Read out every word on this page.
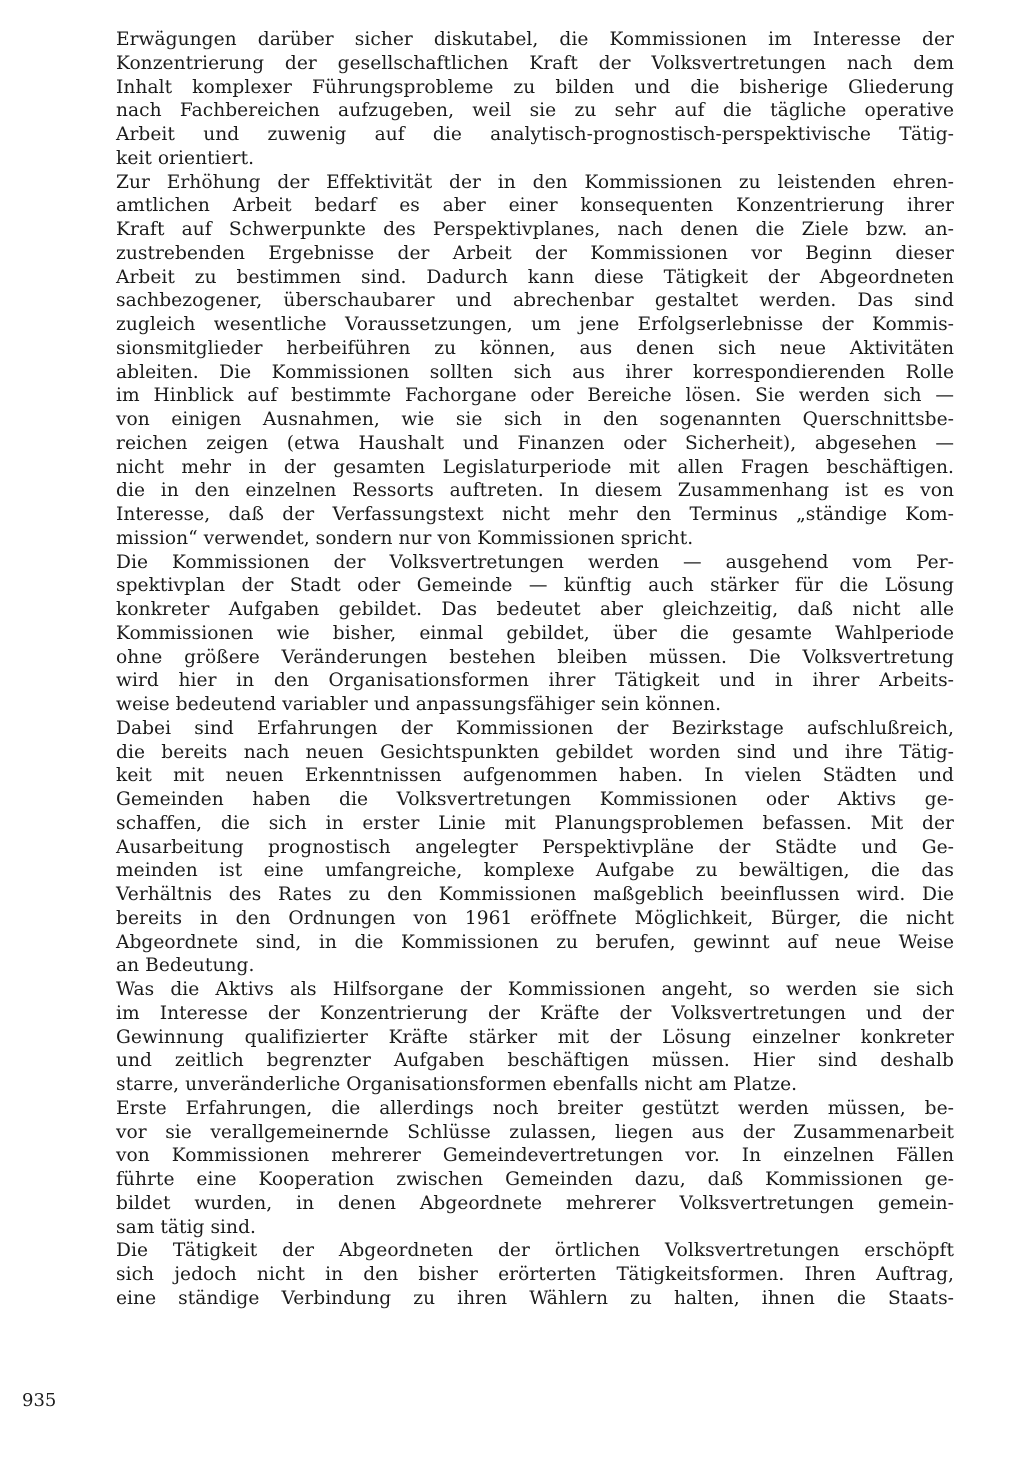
Erwägungen darüber sicher diskutabel, die Kommissionen im Interesse der
Konzentrierung der gesellschaftlichen Kraft der Volksvertretungen nach dem
Inhalt komplexer Führungsprobleme zu bilden und die bisherige Gliederung
nach Fachbereichen aufzugeben, weil sie zu sehr auf die tägliche operative
Arbeit und zuwenig auf die analytisch-prognostisch-perspektivische Tätig-
keit orientiert.
Zur Erhöhung der Effektivität der in den Kommissionen zu leistenden ehren-
amtlichen Arbeit bedarf es aber einer konsequenten Konzentrierung ihrer
Kraft auf Schwerpunkte des Perspektivplanes, nach denen die Ziele bzw. an-
zustrebenden Ergebnisse der Arbeit der Kommissionen vor Beginn dieser
Arbeit zu bestimmen sind. Dadurch kann diese Tätigkeit der Abgeordneten
sachbezogener, überschaubarer und abrechenbar gestaltet werden. Das sind
zugleich wesentliche Voraussetzungen, um jene Erfolgserlebnisse der Kommis-
sionsmitglieder herbeiführen zu können, aus denen sich neue Aktivitäten
ableiten. Die Kommissionen sollten sich aus ihrer korrespondierenden Rolle
im Hinblick auf bestimmte Fachorgane oder Bereiche lösen. Sie werden sich —
von einigen Ausnahmen, wie sie sich in den sogenannten Querschnittsbe-
reichen zeigen (etwa Haushalt und Finanzen oder Sicherheit), abgesehen —
nicht mehr in der gesamten Legislaturperiode mit allen Fragen beschäftigen.
die in den einzelnen Ressorts auftreten. In diesem Zusammenhang ist es von
Interesse, daß der Verfassungstext nicht mehr den Terminus „ständige Kom-
mission“ verwendet, sondern nur von Kommissionen spricht.
Die Kommissionen der Volksvertretungen werden — ausgehend vom Per-
spektivplan der Stadt oder Gemeinde — künftig auch stärker für die Lösung
konkreter Aufgaben gebildet. Das bedeutet aber gleichzeitig, daß nicht alle
Kommissionen wie bisher, einmal gebildet, über die gesamte Wahlperiode
ohne größere Veränderungen bestehen bleiben müssen. Die Volksvertretung
wird hier in den Organisationsformen ihrer Tätigkeit und in ihrer Arbeits-
weise bedeutend variabler und anpassungsfähiger sein können.
Dabei sind Erfahrungen der Kommissionen der Bezirkstage aufschlußreich,
die bereits nach neuen Gesichtspunkten gebildet worden sind und ihre Tätig-
keit mit neuen Erkenntnissen aufgenommen haben. In vielen Städten und
Gemeinden haben die Volksvertretungen Kommissionen oder Aktivs ge-
schaffen, die sich in erster Linie mit Planungsproblemen befassen. Mit der
Ausarbeitung prognostisch angelegter Perspektivpläne der Städte und Ge-
meinden ist eine umfangreiche, komplexe Aufgabe zu bewältigen, die das
Verhältnis des Rates zu den Kommissionen maßgeblich beeinflussen wird. Die
bereits in den Ordnungen von 1961 eröffnete Möglichkeit, Bürger, die nicht
Abgeordnete sind, in die Kommissionen zu berufen, gewinnt auf neue Weise
an Bedeutung.
Was die Aktivs als Hilfsorgane der Kommissionen angeht, so werden sie sich
im Interesse der Konzentrierung der Kräfte der Volksvertretungen und der
Gewinnung qualifizierter Kräfte stärker mit der Lösung einzelner konkreter
und zeitlich begrenzter Aufgaben beschäftigen müssen. Hier sind deshalb
starre, unveränderliche Organisationsformen ebenfalls nicht am Platze.
Erste Erfahrungen, die allerdings noch breiter gestützt werden müssen, be-
vor sie verallgemeinernde Schlüsse zulassen, liegen aus der Zusammenarbeit
von Kommissionen mehrerer Gemeindevertretungen vor. In einzelnen Fällen
führte eine Kooperation zwischen Gemeinden dazu, daß Kommissionen ge-
bildet wurden, in denen Abgeordnete mehrerer Volksvertretungen gemein-
sam tätig sind.
Die Tätigkeit der Abgeordneten der örtlichen Volksvertretungen erschöpft
sich jedoch nicht in den bisher erörterten Tätigkeitsformen. Ihren Auftrag,
eine ständige Verbindung zu ihren Wählern zu halten, ihnen die Staats-
935
